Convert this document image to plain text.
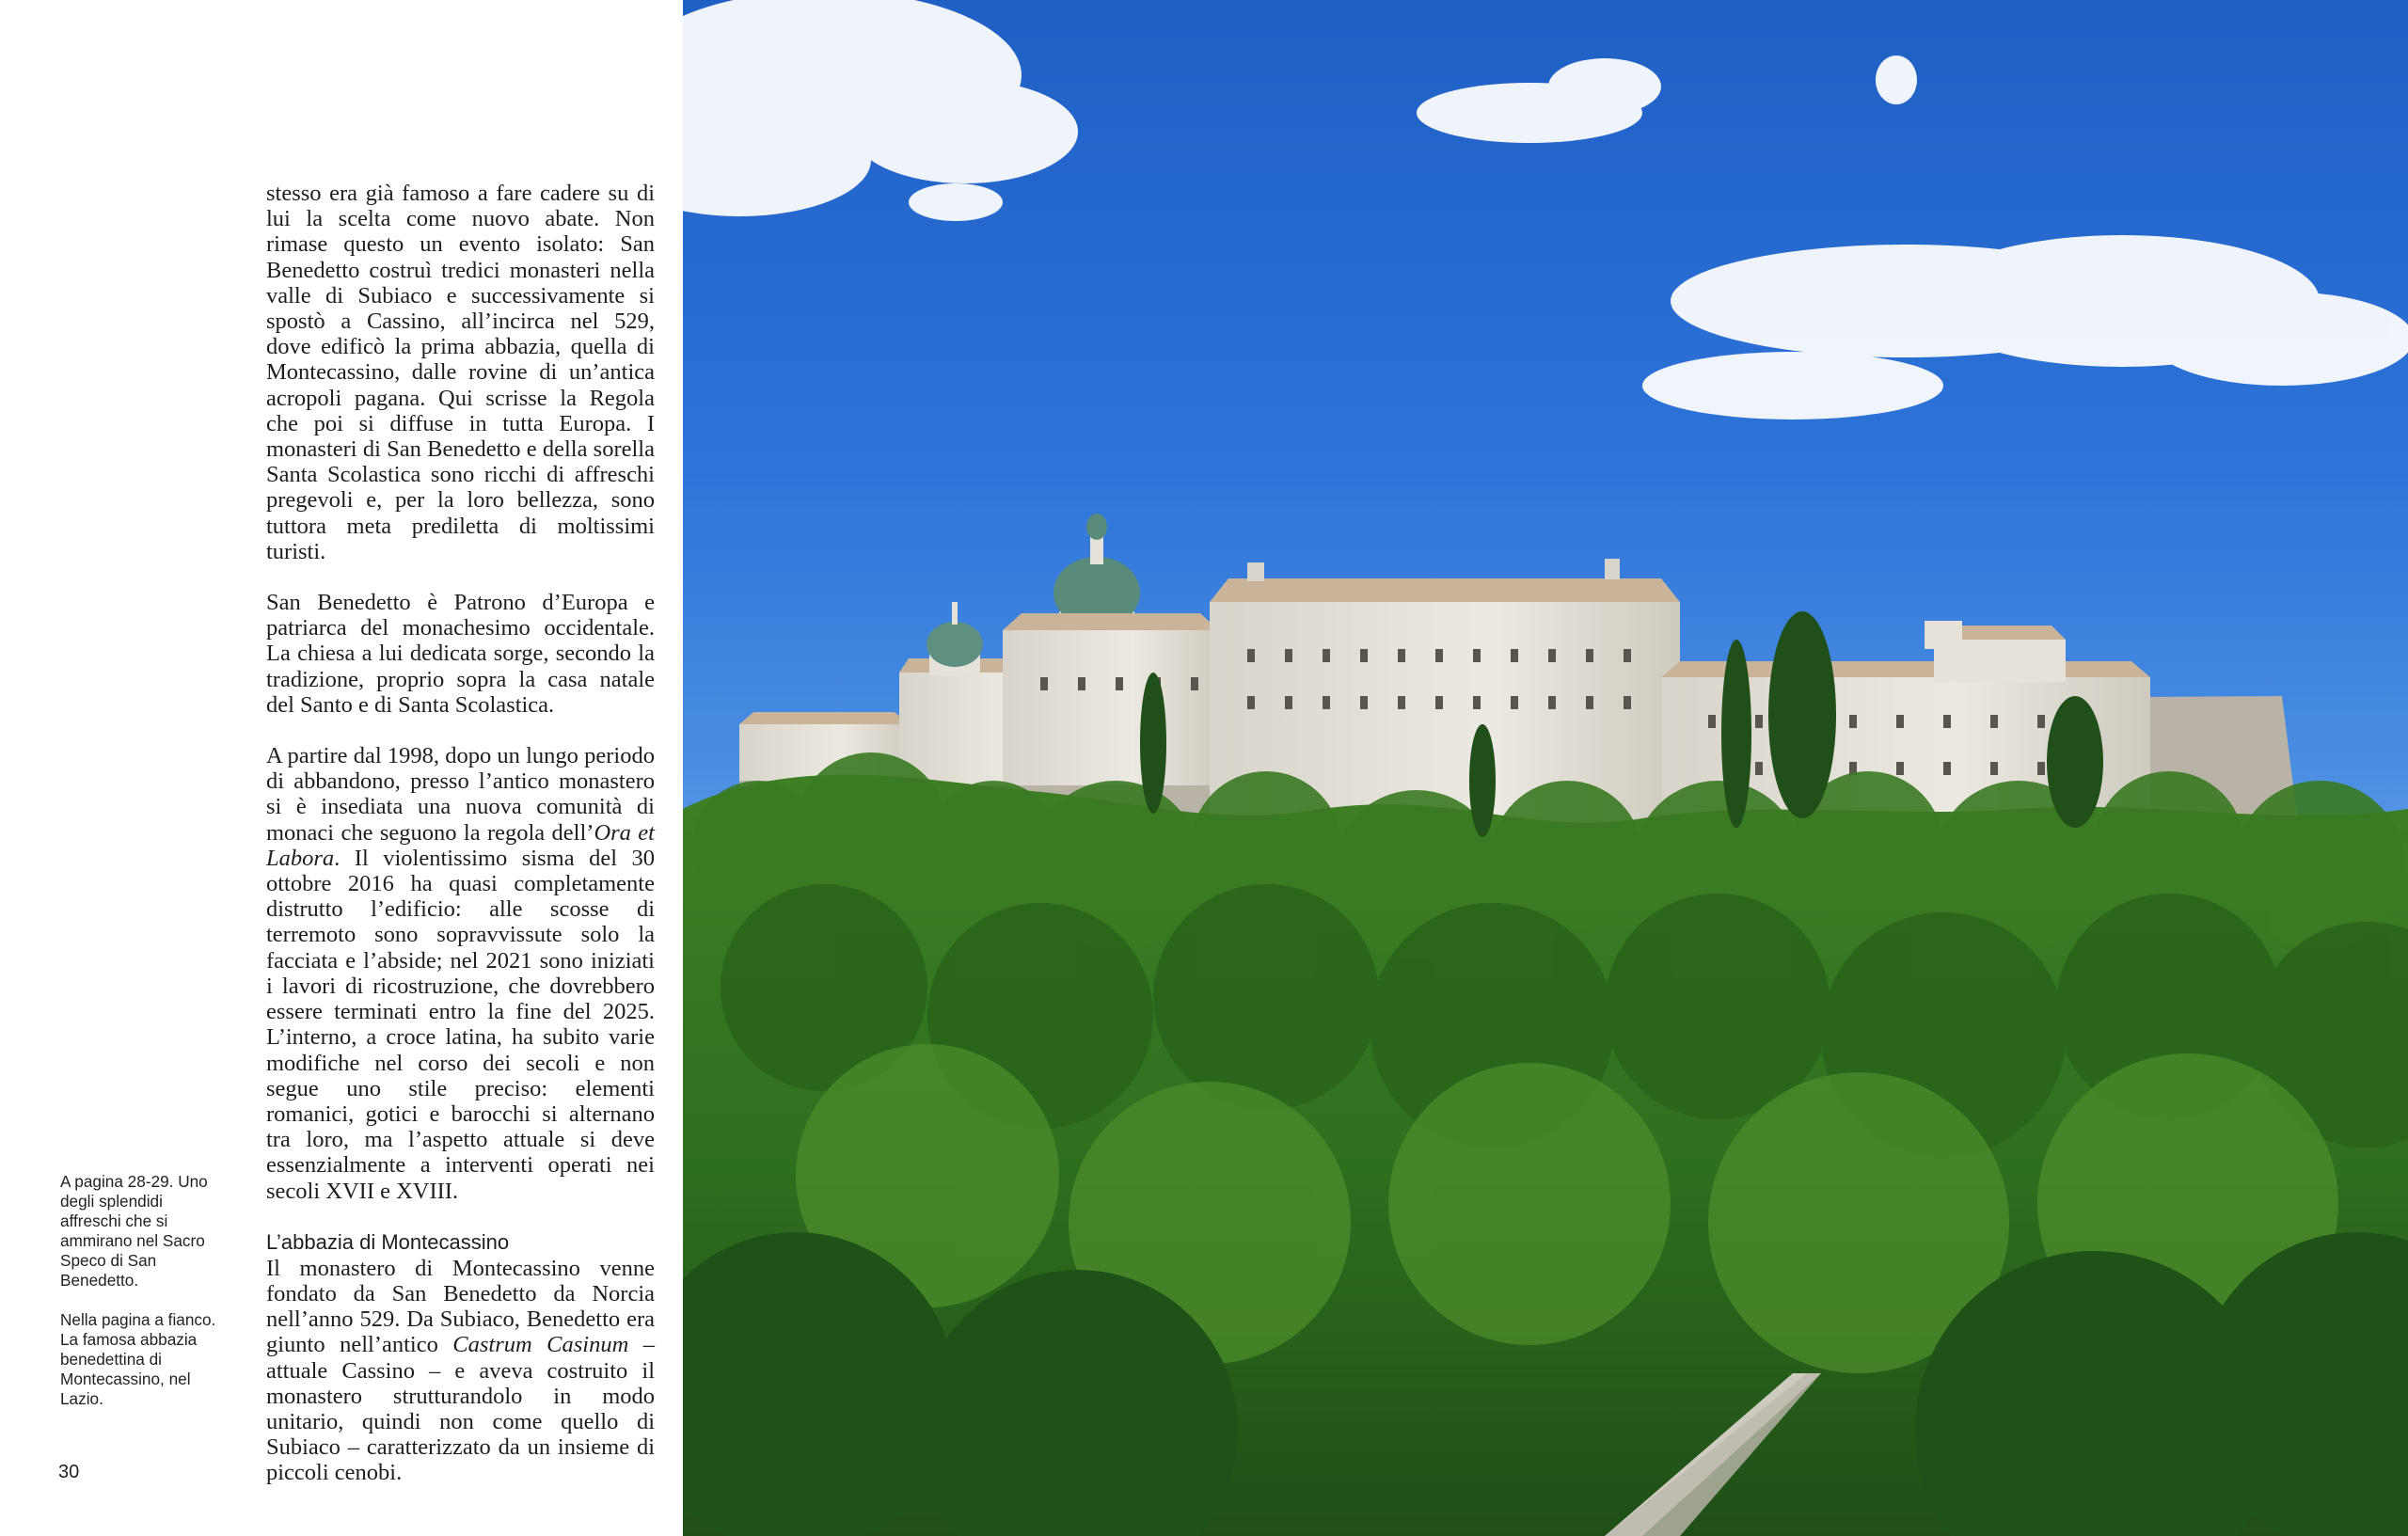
stesso era già famoso a fare cadere su di lui la scelta come nuovo abate. Non rimase questo un evento isolato: San Benedetto costruì tredici monasteri nella valle di Subiaco e successivamente si spostò a Cassino, all’incirca nel 529, dove edificò la prima abbazia, quella di Montecassino, dalle rovine di un’antica acropoli pagana. Qui scrisse la Regola che poi si diffuse in tutta Europa. I monasteri di San Benedetto e della sorella Santa Scolastica sono ricchi di affreschi pregevoli e, per la loro bellezza, sono tuttora meta prediletta di moltissimi turisti.

San Benedetto è Patrono d’Europa e patriarca del monachesimo occidentale. La chiesa a lui dedicata sorge, secondo la tradizione, proprio sopra la casa natale del Santo e di Santa Scolastica.

A partire dal 1998, dopo un lungo periodo di abbandono, presso l’antico monastero si è insediata una nuova comunità di monaci che seguono la regola dell’Ora et Labora. Il violentissimo sisma del 30 ottobre 2016 ha quasi completamente distrutto l’edificio: alle scosse di terremoto sono sopravvissute solo la facciata e l’abside; nel 2021 sono iniziati i lavori di ricostruzione, che dovrebbero essere terminati entro la fine del 2025. L’interno, a croce latina, ha subito varie modifiche nel corso dei secoli e non segue uno stile preciso: elementi romanici, gotici e barocchi si alternano tra loro, ma l’aspetto attuale si deve essenzialmente a interventi operati nei secoli XVII e XVIII.

L’abbazia di Montecassino

Il monastero di Montecassino venne fondato da San Benedetto da Norcia nell’anno 529. Da Subiaco, Benedetto era giunto nell’antico Castrum Casinum – attuale Cassino – e aveva costruito il monastero strutturandolo in modo unitario, quindi non come quello di Subiaco – caratterizzato da un insieme di piccoli cenobi.

A pagina 28-29. Uno degli splendidi affreschi che si ammirano nel Sacro Speco di San Benedetto.

Nella pagina a fianco. La famosa abbazia benedettina di Montecassino, nel Lazio.

30
